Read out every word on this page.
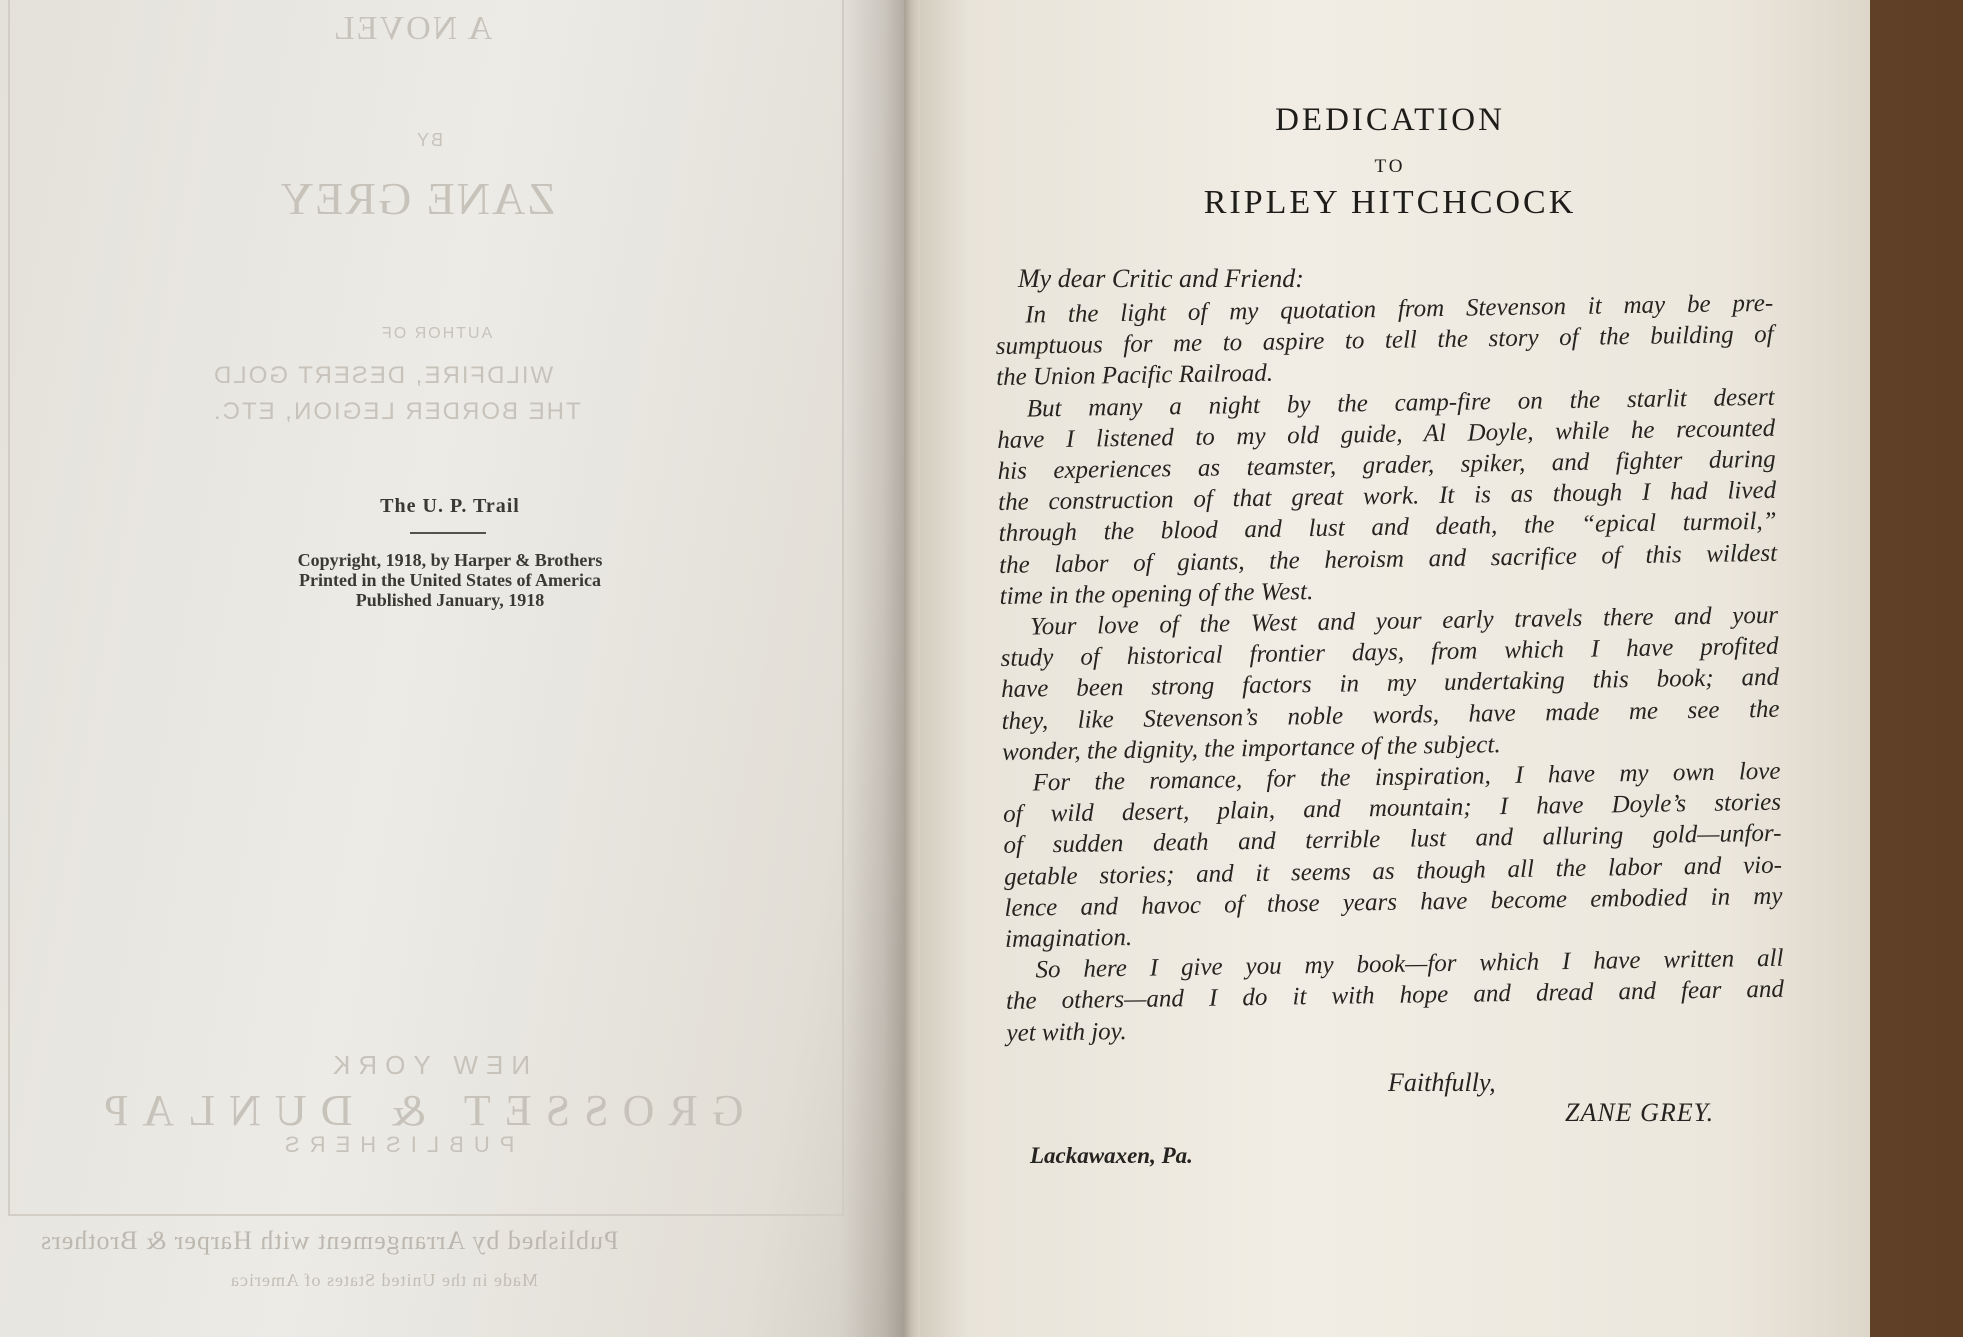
A NOVEL
BY
ZANE GREY
AUTHOR OF
WILDFIRE, DESERT GOLD
THE BORDER LEGION, ETC.
The U. P. Trail
Copyright, 1918, by Harper & Brothers
Printed in the United States of America
Published January, 1918
NEW YORK
GROSSET & DUNLAP
PUBLISHERS
Published by Arrangement with Harper & Brothers
Made in the United States of America
DEDICATION
TO
RIPLEY HITCHCOCK
My dear Critic and Friend:
In the light of my quotation from Stevenson it may be pre-
sumptuous for me to aspire to tell the story of the building of
the Union Pacific Railroad.
But many a night by the camp-fire on the starlit desert
have I listened to my old guide, Al Doyle, while he recounted
his experiences as teamster, grader, spiker, and fighter during
the construction of that great work. It is as though I had lived
through the blood and lust and death, the “epical turmoil,”
the labor of giants, the heroism and sacrifice of this wildest
time in the opening of the West.
Your love of the West and your early travels there and your
study of historical frontier days, from which I have profited
have been strong factors in my undertaking this book; and
they, like Stevenson’s noble words, have made me see the
wonder, the dignity, the importance of the subject.
For the romance, for the inspiration, I have my own love
of wild desert, plain, and mountain; I have Doyle’s stories
of sudden death and terrible lust and alluring gold—unfor-
getable stories; and it seems as though all the labor and vio-
lence and havoc of those years have become embodied in my
imagination.
So here I give you my book—for which I have written all
the others—and I do it with hope and dread and fear and
yet with joy.
Faithfully,
ZANE GREY.
Lackawaxen, Pa.
